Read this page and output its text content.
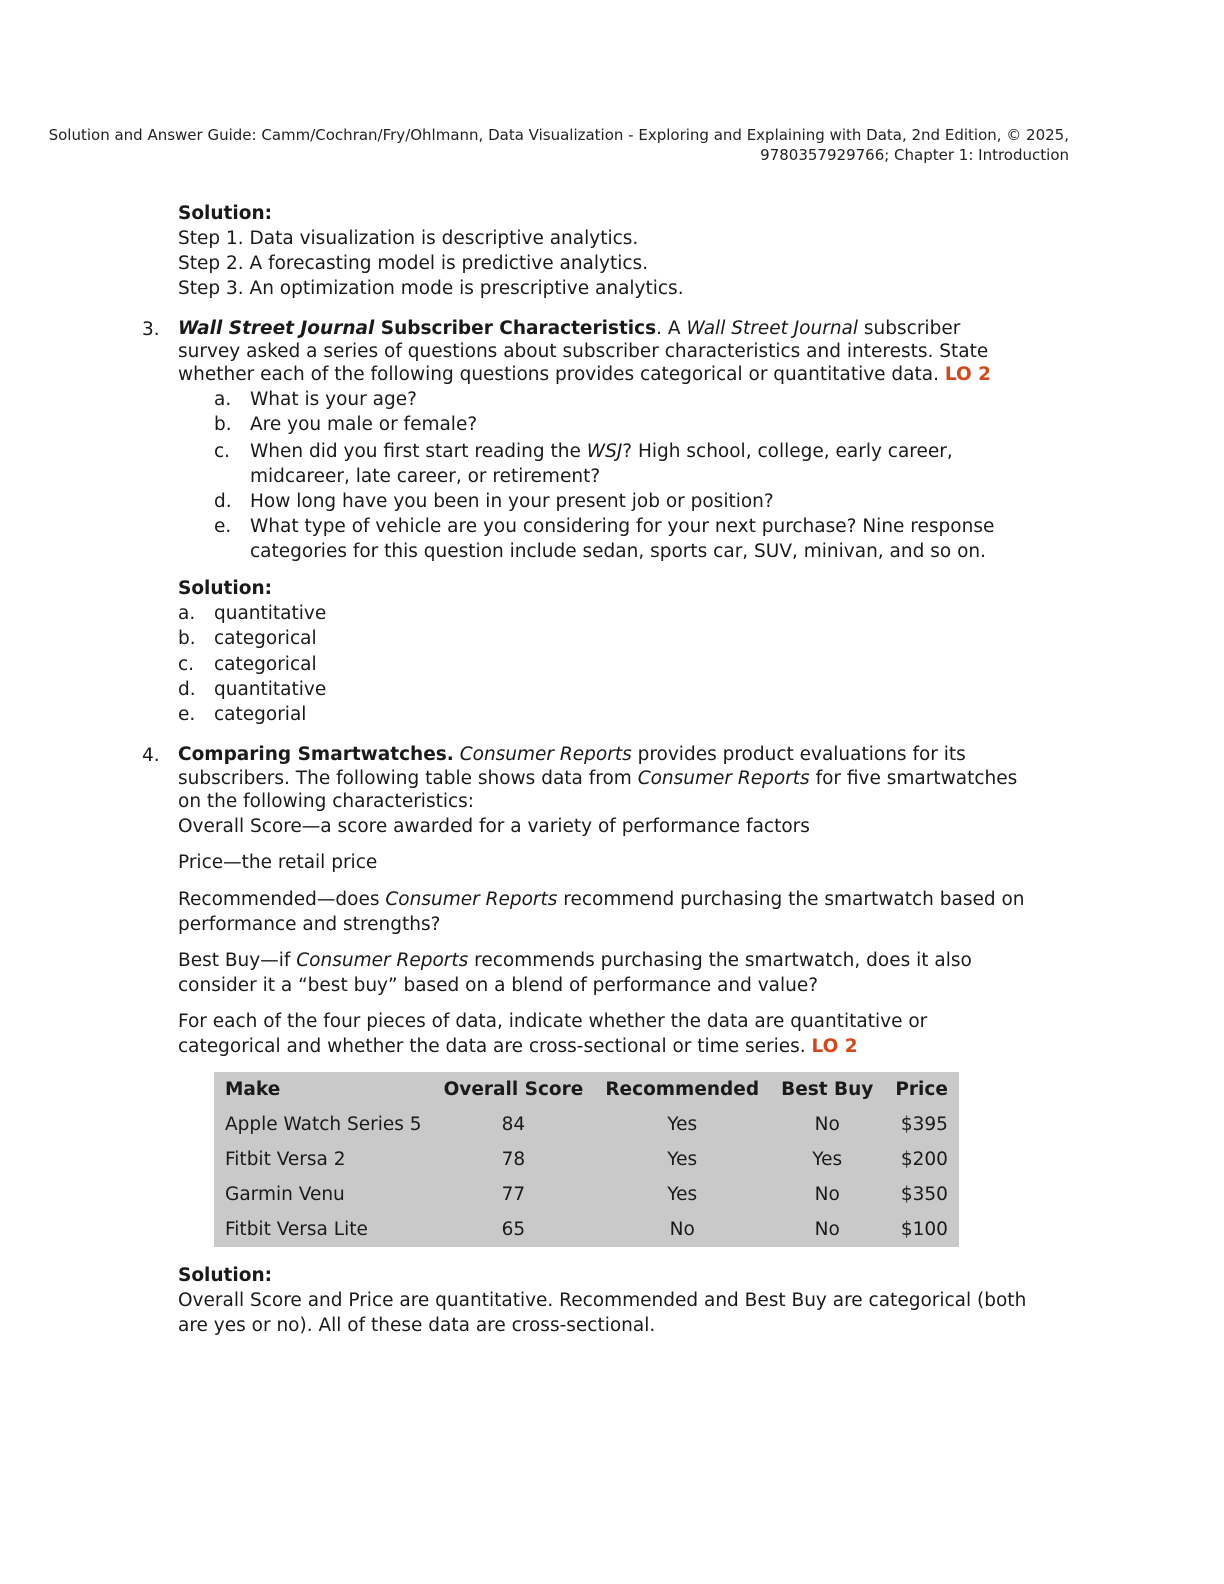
Solution and Answer Guide: Camm/Cochran/Fry/Ohlmann, Data Visualization - Exploring and Explaining with Data, 2nd Edition, © 2025,
9780357929766; Chapter 1: Introduction

Solution:

Step 1. Data visualization is descriptive analytics.

Step 2. A forecasting model is predictive analytics.

Step 3. An optimization mode is prescriptive analytics.

3. Wall Street Journal Subscriber Characteristics. A Wall Street Journal subscriber

survey asked a series of questions about subscriber characteristics and interests. State

whether each of the following questions provides categorical or quantitative data. LO 2

a. What is your age?
b. Are you male or female?
c. When did you first start reading the WSJ? High school, college, early career,
midcareer, late career, or retirement?
d. How long have you been in your present job or position?
e. What type of vehicle are you considering for your next purchase? Nine response
categories for this question include sedan, sports car, SUV, minivan, and so on.

Solution:

a. quantitative
b. categorical
c. categorical
d. quantitative
e. categorial
4. Comparing Smartwatches. Consumer Reports provides product evaluations for its

subscribers. The following table shows data from Consumer Reports for five smartwatches

on the following characteristics:

Overall Score—a score awarded for a variety of performance factors

Price—the retail price

Recommended—does Consumer Reports recommend purchasing the smartwatch based on
performance and strengths?

Best Buy—if Consumer Reports recommends purchasing the smartwatch, does it also
consider it a “best buy” based on a blend of performance and value?

For each of the four pieces of data, indicate whether the data are quantitative or
categorical and whether the data are cross-sectional or time series. LO 2

Make	Overall Score	Recommended	Best Buy	Price
Apple Watch Series 5	84	Yes	No	$395
Fitbit Versa 2	78	Yes	Yes	$200
Garmin Venu	77	Yes	No	$350
Fitbit Versa Lite	65	No	No	$100

Solution:

Overall Score and Price are quantitative. Recommended and Best Buy are categorical (both
are yes or no). All of these data are cross-sectional.
